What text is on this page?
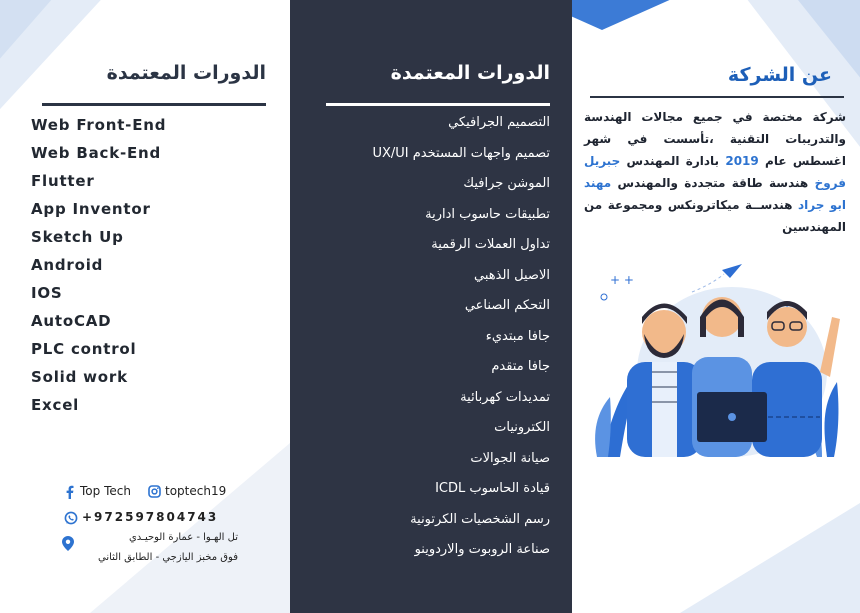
الدورات المعتمدة
Web Front-End
Web Back-End
Flutter
App Inventor
Sketch Up
Android
IOS
AutoCAD
PLC control
Solid work
Excel
Top Tech	toptech19
+972597804743
تل الهـوا - عمارة الوحيـدي
فوق مخبز اليازجي - الطابق الثاني
الدورات المعتمدة
التصميم الجرافيكي
تصميم واجهات المستخدم UX/UI
الموشن جرافيك
تطبيقات حاسوب ادارية
تداول العملات الرقمية
الاصيل الذهبي
التحكم الصناعي
جافا مبتديء
جافا متقدم
تمديدات كهربائية
الكترونيات
صيانة الجوالات
قيادة الحاسوب ICDL
رسم الشخصيات الكرتونية
صناعة الروبوت والاردوينو
عن الشركة

شركة مختصة في جميع مجالات الهندسة والتدريبات التقنية ،تأسست في شهر اغسطس عام 2019 بادارة المهندس جبريل فروخ هندسة طاقة متجددة والمهندس مهند ابو جراد هندســة ميكاترونكس ومجموعة من المهندسين

+ +
